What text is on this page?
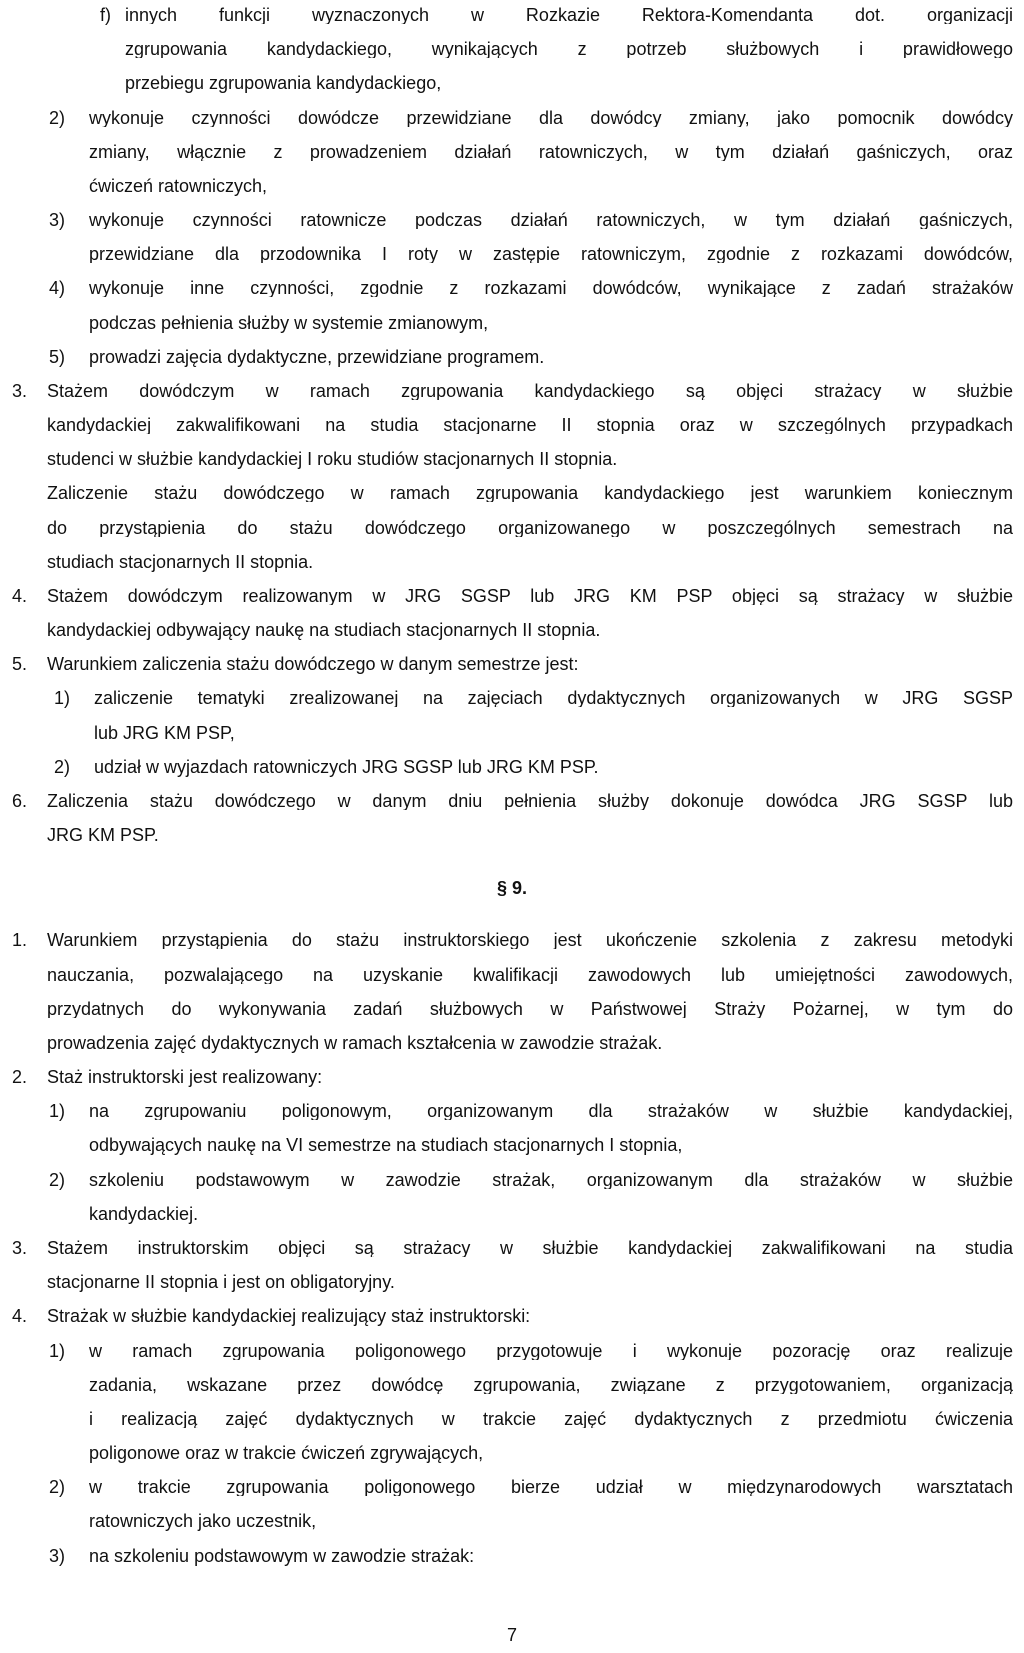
f) innych funkcji wyznaczonych w Rozkazie Rektora-Komendanta dot. organizacji
zgrupowania kandydackiego, wynikających z potrzeb służbowych i prawidłowego
przebiegu zgrupowania kandydackiego,
2) wykonuje czynności dowódcze przewidziane dla dowódcy zmiany, jako pomocnik dowódcy
zmiany, włącznie z prowadzeniem działań ratowniczych, w tym działań gaśniczych, oraz
ćwiczeń ratowniczych,
3) wykonuje czynności ratownicze podczas działań ratowniczych, w tym działań gaśniczych,
przewidziane dla przodownika I roty w zastępie ratowniczym, zgodnie z rozkazami dowódców,
4) wykonuje inne czynności, zgodnie z rozkazami dowódców, wynikające z zadań strażaków
podczas pełnienia służby w systemie zmianowym,
5) prowadzi zajęcia dydaktyczne, przewidziane programem.
3. Stażem dowódczym w ramach zgrupowania kandydackiego są objęci strażacy w służbie
kandydackiej zakwalifikowani na studia stacjonarne II stopnia oraz w szczególnych przypadkach
studenci w służbie kandydackiej I roku studiów stacjonarnych II stopnia.
Zaliczenie stażu dowódczego w ramach zgrupowania kandydackiego jest warunkiem koniecznym
do przystąpienia do stażu dowódczego organizowanego w poszczególnych semestrach na
studiach stacjonarnych II stopnia.
4. Stażem dowódczym realizowanym w JRG SGSP lub JRG KM PSP objęci są strażacy w służbie
kandydackiej odbywający naukę na studiach stacjonarnych II stopnia.
5. Warunkiem zaliczenia stażu dowódczego w danym semestrze jest:
1) zaliczenie tematyki zrealizowanej na zajęciach dydaktycznych organizowanych w JRG SGSP
lub JRG KM PSP,
2) udział w wyjazdach ratowniczych JRG SGSP lub JRG KM PSP.
6. Zaliczenia stażu dowódczego w danym dniu pełnienia służby dokonuje dowódca JRG SGSP lub
JRG KM PSP.
§ 9.
1. Warunkiem przystąpienia do stażu instruktorskiego jest ukończenie szkolenia z zakresu metodyki
nauczania, pozwalającego na uzyskanie kwalifikacji zawodowych lub umiejętności zawodowych,
przydatnych do wykonywania zadań służbowych w Państwowej Straży Pożarnej, w tym do
prowadzenia zajęć dydaktycznych w ramach kształcenia w zawodzie strażak.
2. Staż instruktorski jest realizowany:
1) na zgrupowaniu poligonowym, organizowanym dla strażaków w służbie kandydackiej,
odbywających naukę na VI semestrze na studiach stacjonarnych I stopnia,
2) szkoleniu podstawowym w zawodzie strażak, organizowanym dla strażaków w służbie
kandydackiej.
3. Stażem instruktorskim objęci są strażacy w służbie kandydackiej zakwalifikowani na studia
stacjonarne II stopnia i jest on obligatoryjny.
4. Strażak w służbie kandydackiej realizujący staż instruktorski:
1) w ramach zgrupowania poligonowego przygotowuje i wykonuje pozorację oraz realizuje
zadania, wskazane przez dowódcę zgrupowania, związane z przygotowaniem, organizacją
i realizacją zajęć dydaktycznych w trakcie zajęć dydaktycznych z przedmiotu ćwiczenia
poligonowe oraz w trakcie ćwiczeń zgrywających,
2) w trakcie zgrupowania poligonowego bierze udział w międzynarodowych warsztatach
ratowniczych jako uczestnik,
3) na szkoleniu podstawowym w zawodzie strażak:
7
